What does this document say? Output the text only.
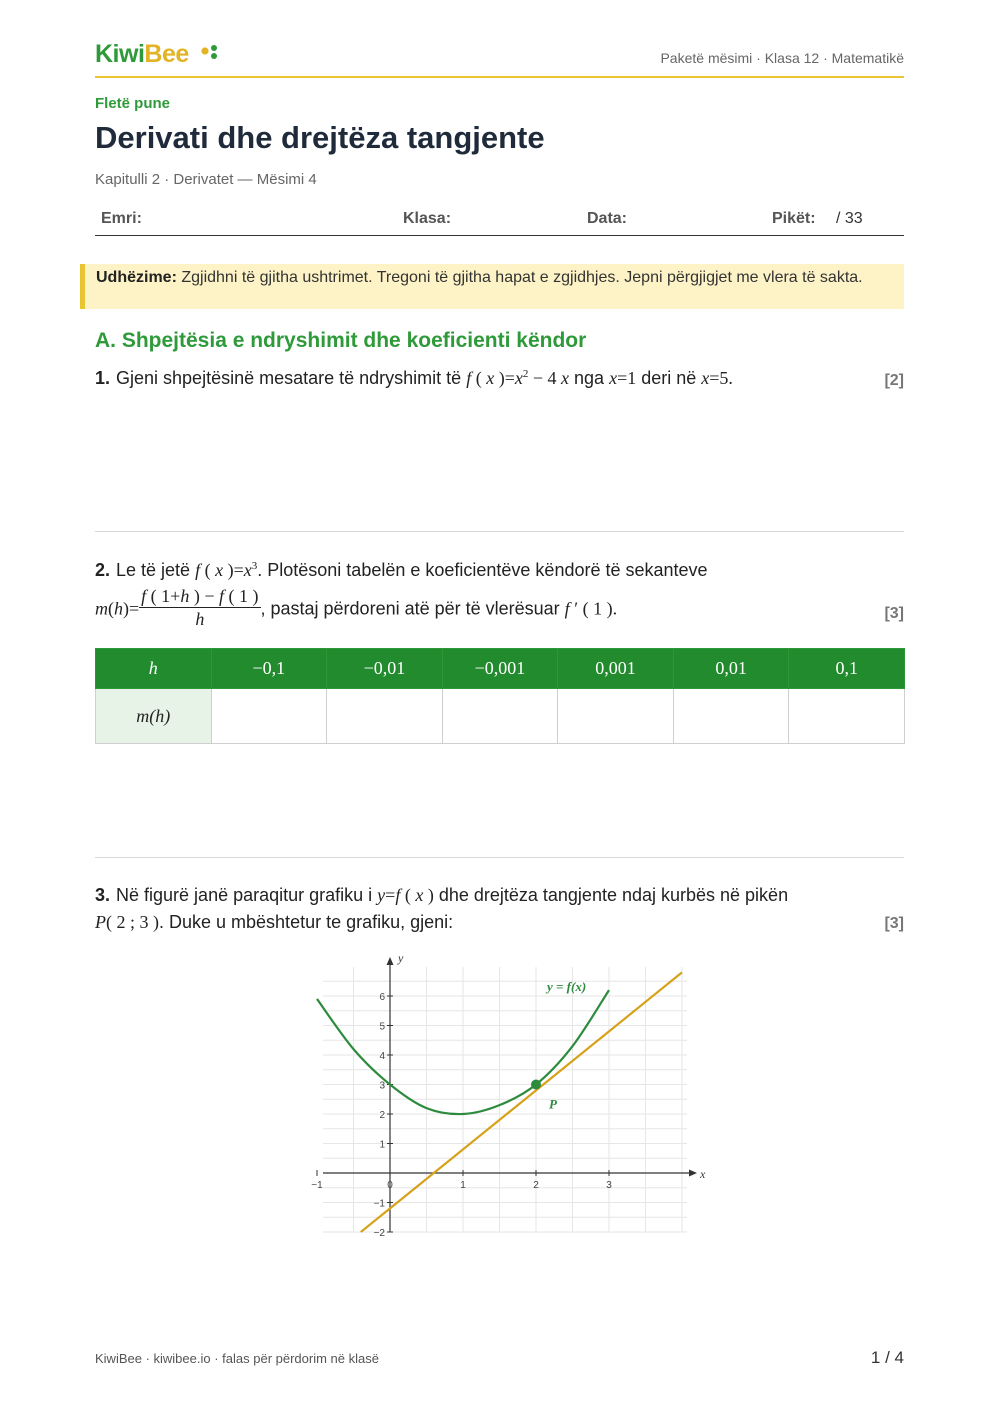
KiwiBee	Paketë mësimi · Klasa 12 · Matematikë
Fletë pune
Derivati dhe drejtëza tangjente
Kapitulli 2 · Derivatet — Mësimi 4
Emri:	Klasa:	Data:	Pikët: / 33
Udhëzime: Zgjidhni të gjitha ushtrimet. Tregoni të gjitha hapat e zgjidhjes. Jepni përgjigjet me vlera të sakta.
A. Shpejtësia e ndryshimit dhe koeficienti këndor
1. Gjeni shpejtësinë mesatare të ndryshimit të f ( x )$=x^2 - 4$ x nga x=1 deri në x=5.	[2]
2. Le të jetë f ( x )$=x^3$. Plotësoni tabelën e koeficientëve këndorë të sekanteve
$m(h)= \frac{f ( 1+h ) - f ( 1 )}{h}$ , pastaj përdoreni atë për të vlerësuar f ′ ( 1 ).	[3]
h	−0,1	−0,01	−0,001	0,001	0,01	0,1
m(h)						
3. Në figurë janë paraqitur grafiku i y=f ( x ) dhe drejtëza tangjente ndaj kurbës në pikën
P( 2 ; 3 ). Duke u mbështetur te grafiku, gjeni:	[3]
x
y
−1	0	1	2	3
−2
−1
1
2
3
4
5
6
y = f(x)
P
KiwiBee · kiwibee.io · falas për përdorim në klasë	1 / 4
